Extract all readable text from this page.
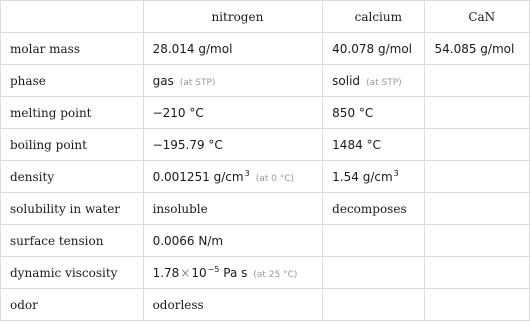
	nitrogen	calcium	CaN
molar mass	28.014 g/mol	40.078 g/mol	54.085 g/mol
phase	gas (at STP)	solid (at STP)	
melting point	−210 °C	850 °C	
boiling point	−195.79 °C	1484 °C	
density	0.001251 $g/cm^3(at$ 0 °C)	1.54 $g/cm^3$	
solubility in water	insoluble	decomposes	
surface tension	0.0066 N/m		
dynamic viscosity	$1.78\times 10^{-5}$ Pa s (at 25 °C)		
odor	odorless		
